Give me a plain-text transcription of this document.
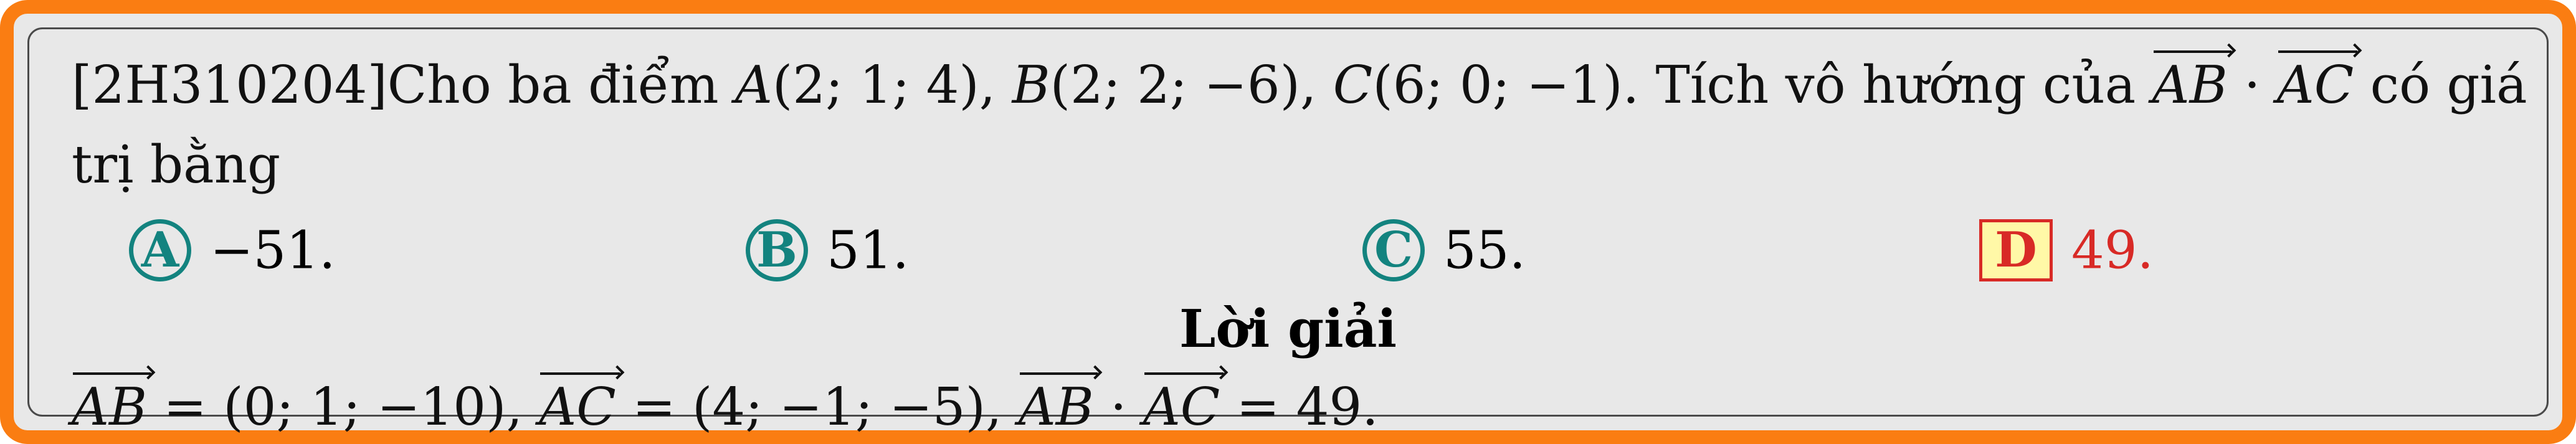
[2H310204]Cho ba điểm A(2; 1; 4), B(2; 2; −6), C(6; 0; −1). Tích vô hướng của AB · AC có giá
trị bằng
A −51.	B 51.	C 55.	D 49.
Lời giải
AB = (0; 1; −10), AC = (4; −1; −5), AB · AC = 49.
